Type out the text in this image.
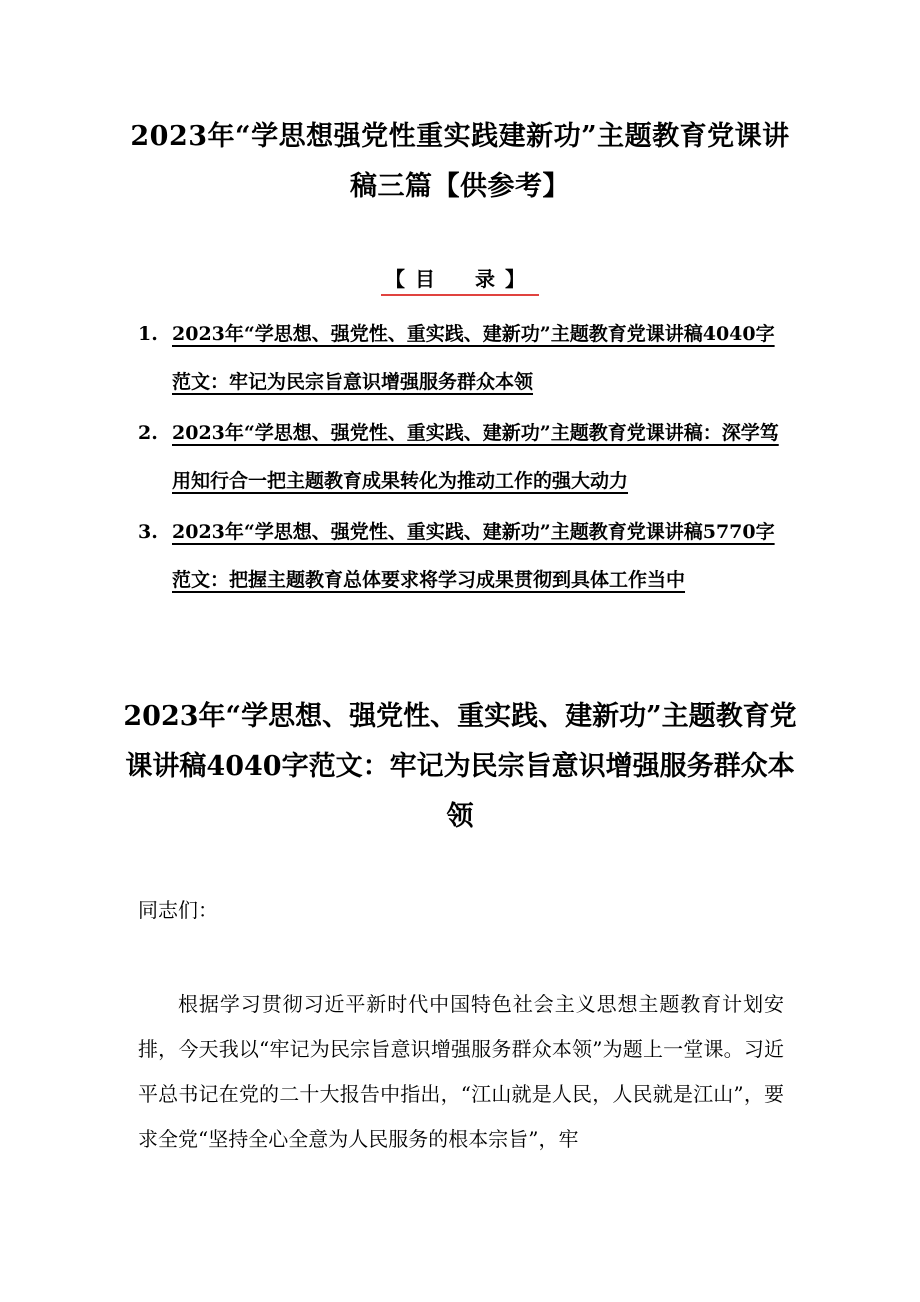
2023年“学思想强党性重实践建新功”主题教育党课讲稿三篇【供参考】
【目　录】
1. 2023年“学思想、强党性、重实践、建新功”主题教育党课讲稿4040字范文：牢记为民宗旨意识增强服务群众本领
2. 2023年“学思想、强党性、重实践、建新功”主题教育党课讲稿：深学笃用知行合一把主题教育成果转化为推动工作的强大动力
3. 2023年“学思想、强党性、重实践、建新功”主题教育党课讲稿5770字范文：把握主题教育总体要求将学习成果贯彻到具体工作当中
2023年“学思想、强党性、重实践、建新功”主题教育党课讲稿4040字范文：牢记为民宗旨意识增强服务群众本领
同志们：
根据学习贯彻习近平新时代中国特色社会主义思想主题教育计划安排，今天我以“牢记为民宗旨意识增强服务群众本领”为题上一堂课。习近平总书记在党的二十大报告中指出，“江山就是人民，人民就是江山”，要求全党“坚持全心全意为人民服务的根本宗旨”，牢
